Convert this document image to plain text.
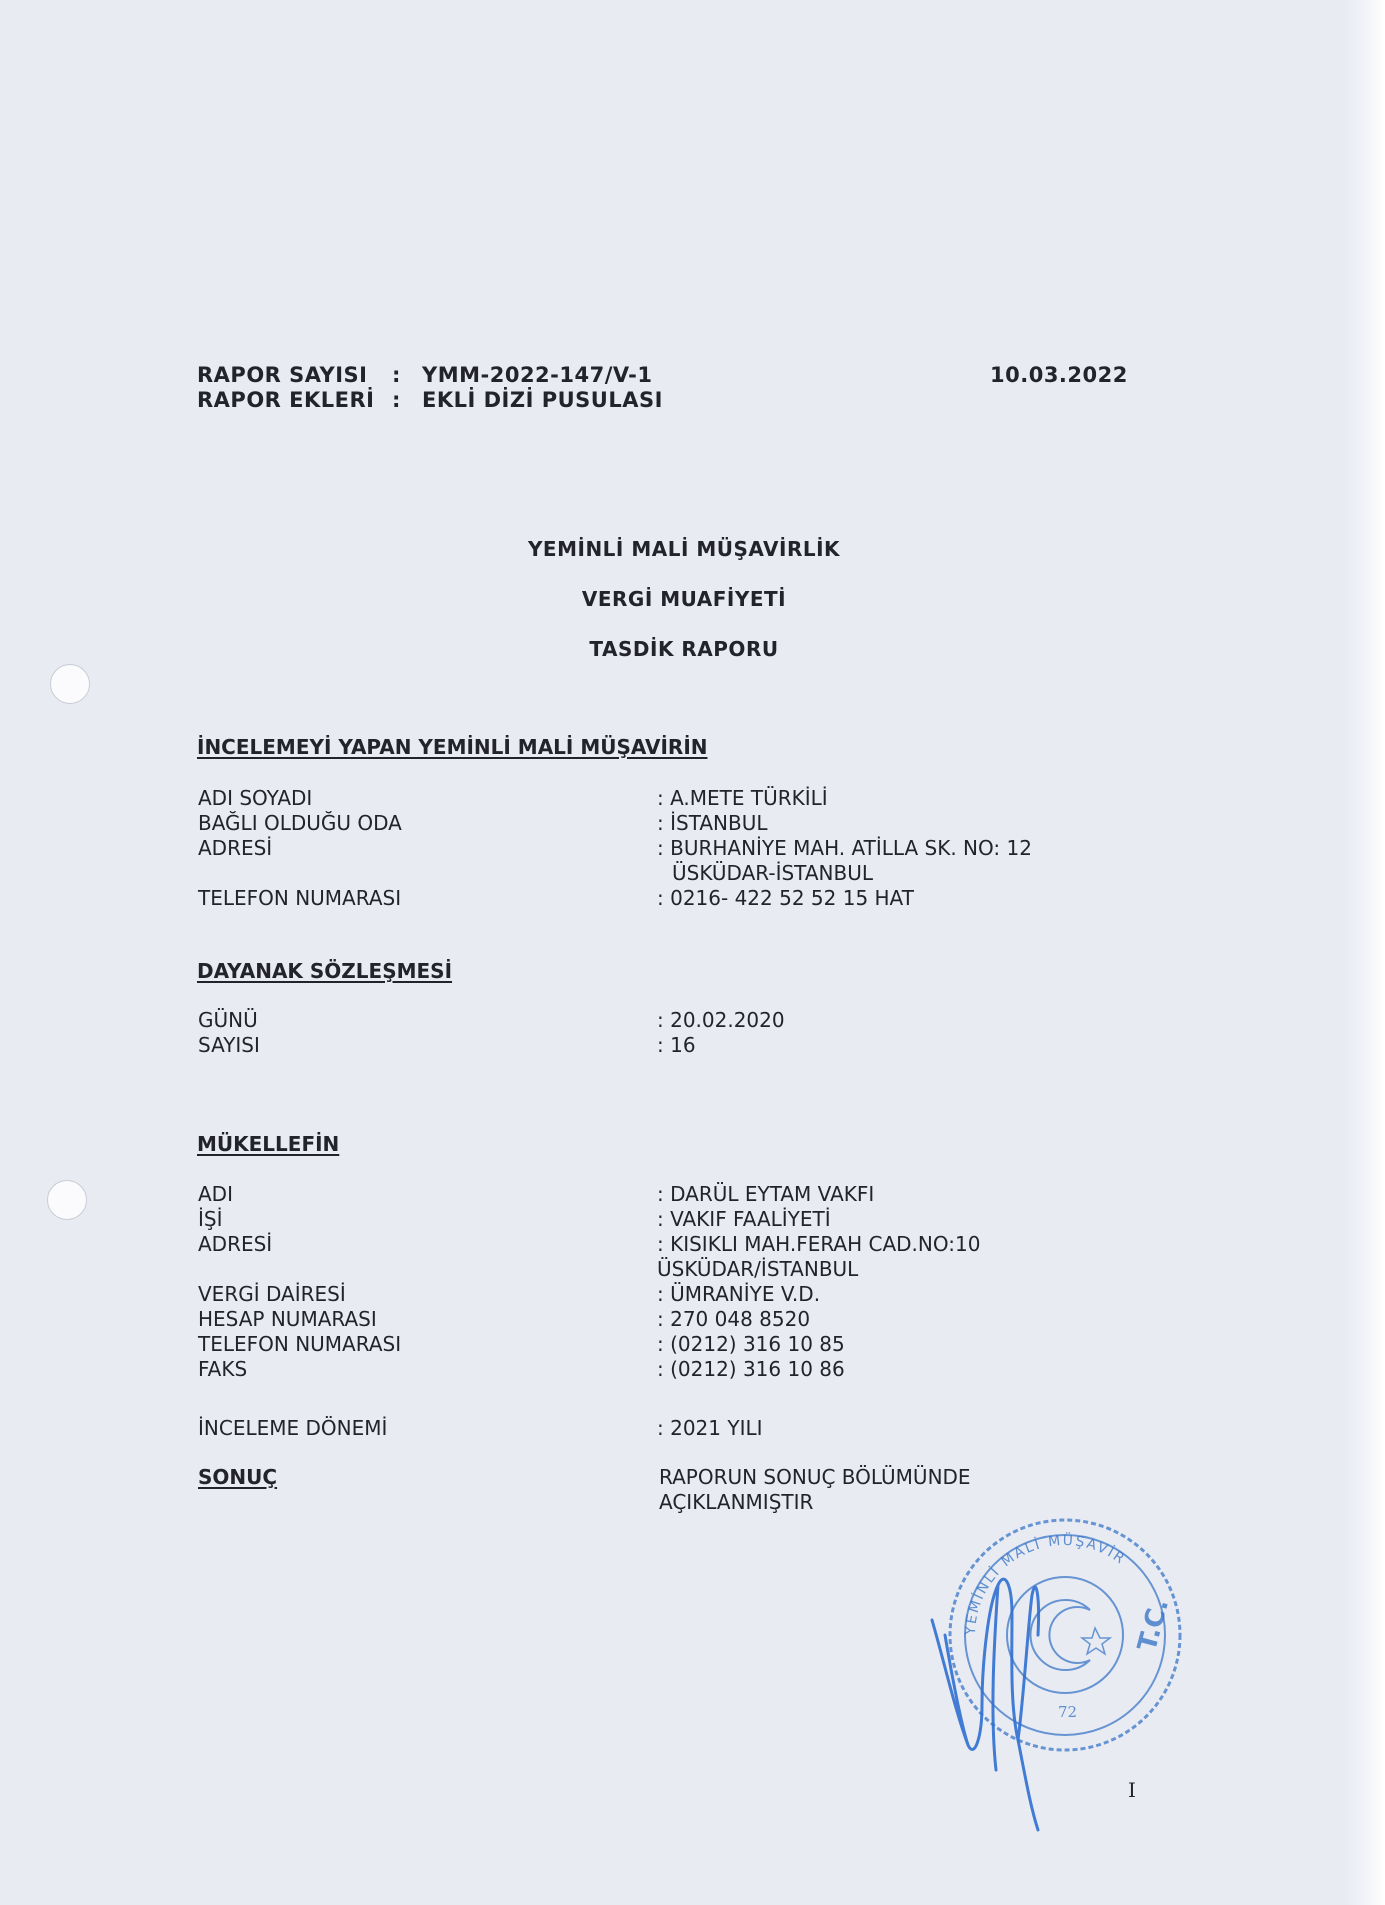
RAPOR SAYISI : YMM-2022-147/V-1	10.03.2022
RAPOR EKLERİ : EKLİ DİZİ PUSULASI
YEMİNLİ MALİ MÜŞAVİRLİK
VERGİ MUAFİYETİ
TASDİK RAPORU
İNCELEMEYİ YAPAN YEMİNLİ MALİ MÜŞAVİRİN
ADI SOYADI	: A.METE TÜRKİLİ
BAĞLI OLDUĞU ODA	: İSTANBUL
ADRESİ	: BURHANİYE MAH. ATİLLA SK. NO: 12
ÜSKÜDAR-İSTANBUL
TELEFON NUMARASI	: 0216- 422 52 52 15 HAT
DAYANAK SÖZLEŞMESİ
GÜNÜ	: 20.02.2020
SAYISI	: 16
MÜKELLEFİN
ADI	: DARÜL EYTAM VAKFI
İŞİ	: VAKIF FAALİYETİ
ADRESİ	: KISIKLI MAH.FERAH CAD.NO:10
ÜSKÜDAR/İSTANBUL
VERGİ DAİRESİ	: ÜMRANİYE V.D.
HESAP NUMARASI	: 270 048 8520
TELEFON NUMARASI	: (0212) 316 10 85
FAKS	: (0212) 316 10 86
İNCELEME DÖNEMİ	: 2021 YILI
SONUÇ	RAPORUN SONUÇ BÖLÜMÜNDE
AÇIKLANMIŞTIR
YEMİNLİ MALİ MÜŞAVİR
T.C.
72
I
